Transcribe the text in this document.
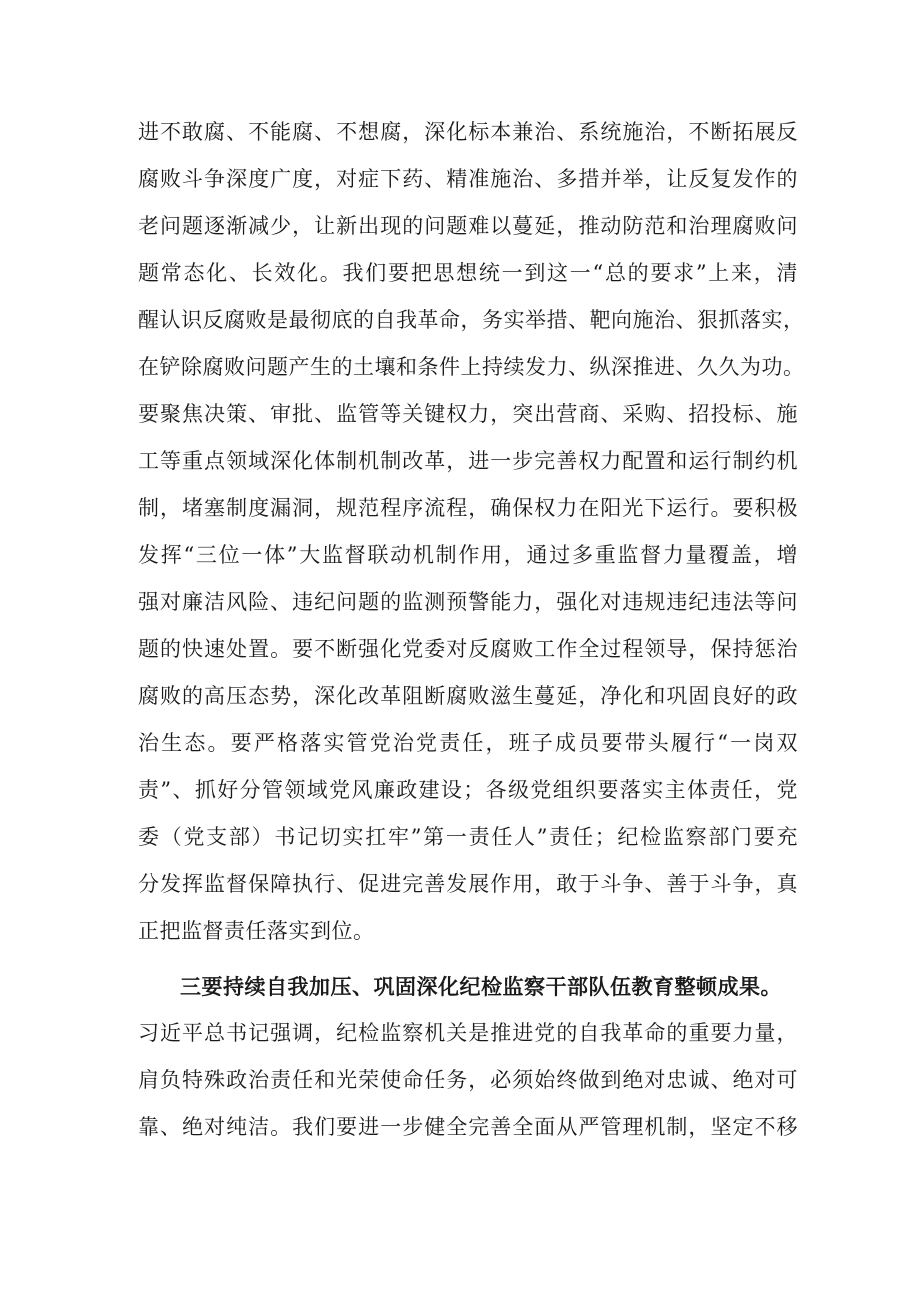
进不敢腐、不能腐、不想腐，深化标本兼治、系统施治，不断拓展反
腐败斗争深度广度，对症下药、精准施治、多措并举，让反复发作的
老问题逐渐减少，让新出现的问题难以蔓延，推动防范和治理腐败问
题常态化、长效化。我们要把思想统一到这一“总的要求”上来，清
醒认识反腐败是最彻底的自我革命，务实举措、靶向施治、狠抓落实，
在铲除腐败问题产生的土壤和条件上持续发力、纵深推进、久久为功。
要聚焦决策、审批、监管等关键权力，突出营商、采购、招投标、施
工等重点领域深化体制机制改革，进一步完善权力配置和运行制约机
制，堵塞制度漏洞，规范程序流程，确保权力在阳光下运行。要积极
发挥“三位一体”大监督联动机制作用，通过多重监督力量覆盖，增
强对廉洁风险、违纪问题的监测预警能力，强化对违规违纪违法等问
题的快速处置。要不断强化党委对反腐败工作全过程领导，保持惩治
腐败的高压态势，深化改革阻断腐败滋生蔓延，净化和巩固良好的政
治生态。要严格落实管党治党责任，班子成员要带头履行“一岗双
责”、抓好分管领域党风廉政建设；各级党组织要落实主体责任，党
委（党支部）书记切实扛牢”第一责任人”责任；纪检监察部门要充
分发挥监督保障执行、促进完善发展作用，敢于斗争、善于斗争，真
正把监督责任落实到位。
三要持续自我加压、巩固深化纪检监察干部队伍教育整顿成果。
习近平总书记强调，纪检监察机关是推进党的自我革命的重要力量，
肩负特殊政治责任和光荣使命任务，必须始终做到绝对忠诚、绝对可
靠、绝对纯洁。我们要进一步健全完善全面从严管理机制，坚定不移
